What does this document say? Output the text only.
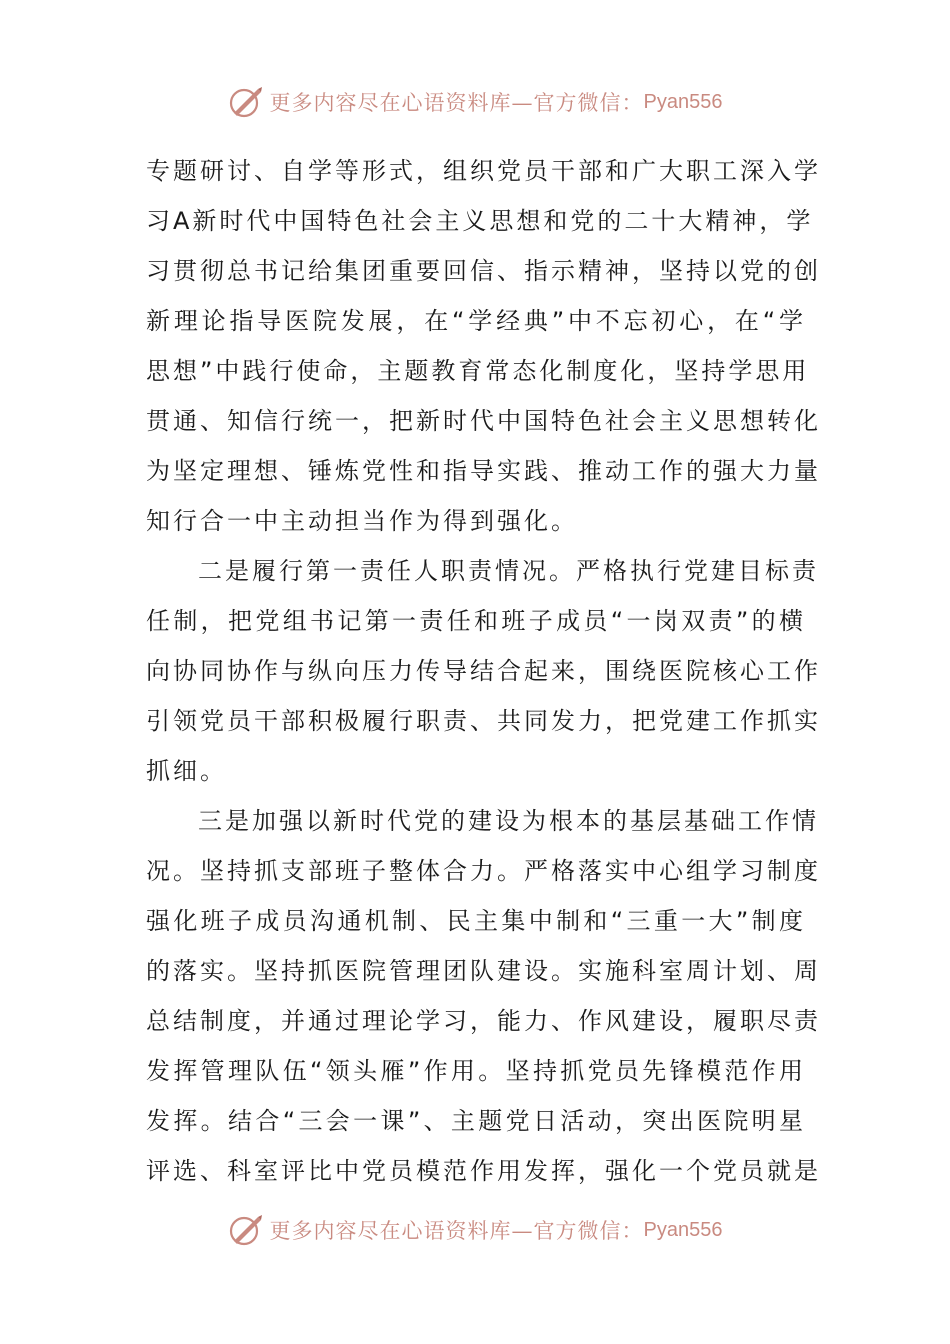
更多内容尽在心语资料库—官方微信： Pyan556
专题研讨、自学等形式，组织党员干部和广大职工深入学
习A新时代中国特色社会主义思想和党的二十大精神，学
习贯彻总书记给集团重要回信、指示精神，坚持以党的创
新理论指导医院发展，在“学经典”中不忘初心，在“学
思想”中践行使命，主题教育常态化制度化，坚持学思用
贯通、知信行统一，把新时代中国特色社会主义思想转化
为坚定理想、锤炼党性和指导实践、推动工作的强大力量
知行合一中主动担当作为得到强化。
二是履行第一责任人职责情况。严格执行党建目标责
任制，把党组书记第一责任和班子成员“一岗双责”的横
向协同协作与纵向压力传导结合起来，围绕医院核心工作
引领党员干部积极履行职责、共同发力，把党建工作抓实
抓细。
三是加强以新时代党的建设为根本的基层基础工作情
况。坚持抓支部班子整体合力。严格落实中心组学习制度
强化班子成员沟通机制、民主集中制和“三重一大”制度
的落实。坚持抓医院管理团队建设。实施科室周计划、周
总结制度，并通过理论学习，能力、作风建设，履职尽责
发挥管理队伍“领头雁”作用。坚持抓党员先锋模范作用
发挥。结合“三会一课”、主题党日活动，突出医院明星
评选、科室评比中党员模范作用发挥，强化一个党员就是
更多内容尽在心语资料库—官方微信： Pyan556
